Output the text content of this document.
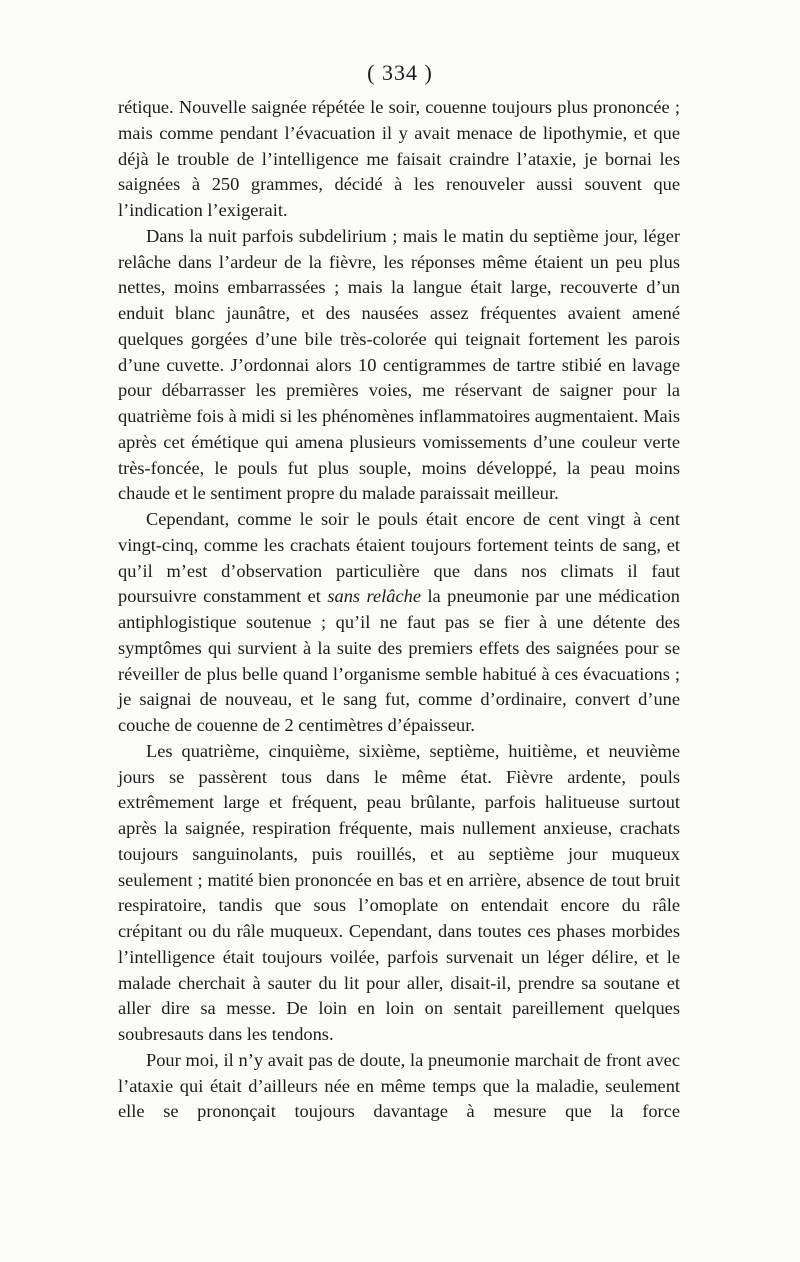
( 334 )

rétique. Nouvelle saignée répétée le soir, couenne toujours plus prononcée ; mais comme pendant l’évacuation il y avait menace de lipothymie, et que déjà le trouble de l’intelligence me faisait craindre l’ataxie, je bornai les saignées à 250 grammes, décidé à les renouveler aussi souvent que l’indication l’exigerait.

Dans la nuit parfois subdelirium ; mais le matin du septième jour, léger relâche dans l’ardeur de la fièvre, les réponses même étaient un peu plus nettes, moins embarrassées ; mais la langue était large, recouverte d’un enduit blanc jaunâtre, et des nausées assez fréquentes avaient amené quelques gorgées d’une bile très-colorée qui teignait fortement les parois d’une cuvette. J’ordonnai alors 10 centigrammes de tartre stibié en lavage pour débarrasser les premières voies, me réservant de saigner pour la quatrième fois à midi si les phénomènes inflammatoires augmentaient. Mais après cet émétique qui amena plusieurs vomissements d’une couleur verte très-foncée, le pouls fut plus souple, moins développé, la peau moins chaude et le sentiment propre du malade paraissait meilleur.

Cependant, comme le soir le pouls était encore de cent vingt à cent vingt-cinq, comme les crachats étaient toujours fortement teints de sang, et qu’il m’est d’observation particulière que dans nos climats il faut poursuivre constamment et sans relâche la pneumonie par une médication antiphlogistique soutenue ; qu’il ne faut pas se fier à une détente des symptômes qui survient à la suite des premiers effets des saignées pour se réveiller de plus belle quand l’organisme semble habitué à ces évacuations ; je saignai de nouveau, et le sang fut, comme d’ordinaire, convert d’une couche de couenne de 2 centimètres d’épaisseur.

Les quatrième, cinquième, sixième, septième, huitième, et neuvième jours se passèrent tous dans le même état. Fièvre ardente, pouls extrêmement large et fréquent, peau brûlante, parfois halitueuse surtout après la saignée, respiration fréquente, mais nullement anxieuse, crachats toujours sanguinolants, puis rouillés, et au septième jour muqueux seulement ; matité bien prononcée en bas et en arrière, absence de tout bruit respiratoire, tandis que sous l’omoplate on entendait encore du râle crépitant ou du râle muqueux. Cependant, dans toutes ces phases morbides l’intelligence était toujours voilée, parfois survenait un léger délire, et le malade cherchait à sauter du lit pour aller, disait-il, prendre sa soutane et aller dire sa messe. De loin en loin on sentait pareillement quelques soubresauts dans les tendons.

Pour moi, il n’y avait pas de doute, la pneumonie marchait de front avec l’ataxie qui était d’ailleurs née en même temps que la maladie, seulement elle se prononçait toujours davantage à mesure que la force
